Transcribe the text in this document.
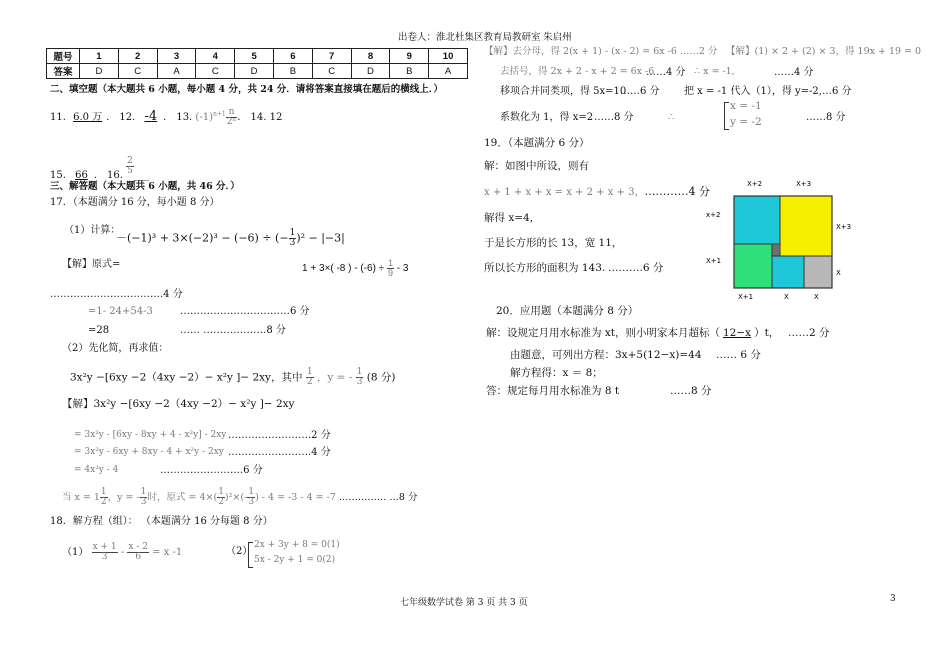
出卷人：淮北杜集区教育局教研室 朱启州
题号	1	2	3	4	5	6	7	8	9	10
答案	D	C	A	C	D	B	C	D	B	A
二、填空题（本大题共 6 小题，每小题 4 分，共 24 分．请将答案直接填在题后的横线上．）
11. 6.0 万 ． 12. -4 ． 13. $(-1)^{n+1} \frac{n}{\text{2ⁿ}}$ ． 14. 12
15. 66 ． 16. $\frac{2}{5}$ ___
三、解答题（本大题共 6 小题，共 46 分．）
17．（本题满分 16 分，每小题 8 分）
（1）计算：
－(−1)³ + 3×(−2)³ − (−6) ÷ (− $\frac{1}{3} )^2 - |-3|$
【解】原式=	1 + 3×( -8 ) - $(-6) \div \frac{1}{9} - 3$
…………………………….4 分
=1- 24+54-3	……………………………6 分
=28	…… ……………….8 分
（2）先化简，再求值：
3x²y −[6xy −2（4xy −2）− x²y ]− 2xy，其中 $\frac{1}{2}$ ，y = - $\frac{1}{3} (8$ 分)
【解】3x²y −[6xy −2（4xy −2）− x²y ]− 2xy
= 3x²y - [6xy - 8xy + 4 - x²y] - 2xy …………………….2 分
= 3x²y - 6xy + 8xy - 4 + x²y - 2xy …………………….4 分
= 4x²y - 4	…………………….6 分
当 $x = 1 \frac{1}{2}$ ，y = - $\frac{1}{3}$ 时，原式 = $4\times( \frac{1}{2} )^2\times(- \frac{1}{3}$ ) - 4 = -3 - 4 = -7 …………… …8 分
18．解方程（组）： （本题满分 16 分每题 8 分）
$(1) \frac{x + 1}{3} - \frac{x - 2}{6} = x$ -1	（2）
2x + 3y + 8 = 0(1)
5x - 2y + 1 = 0(2)
【解】去分母，得 2(x + 1) - (x - 2) = 6x -6 ……2 分 【解】(1) × 2 + (2) × 3，得 19x + 19 = 0
去括号，得 2x + 2 - x + 2 = 6x -6
……4 分 ∴ x = -1,	……4 分
移项合并同类项，得 5x=10
……6 分 把 x = -1 代入（1），得 y=-2,…6 分
系数化为 1，得 x=2 ……8 分	∴
x = -1
y = -2	……8 分
19．（本题满分 6 分）
解：如图中所设，则有
x + 1 + x + x = x + 2 + x + 3，…………4 分
解得 x=4,
于是长方形的长 13，宽 11，
所以长方形的面积为 143. ……….6 分
X+2	X+3
x+2
X+1
X+3
X
X+1	X	X
20．应用题（本题满分 8 分）
解：设规定月用水标准为 xt，则小明家本月超标（ 12−x ）t， ……2 分
由题意，可列出方程：3x+5(12−x)=44 …… 6 分
解方程得：x ＝ 8；
答：规定每月用水标准为 8 t	……8 分
七年级数学试卷 第 3 页 共 3 页	3
